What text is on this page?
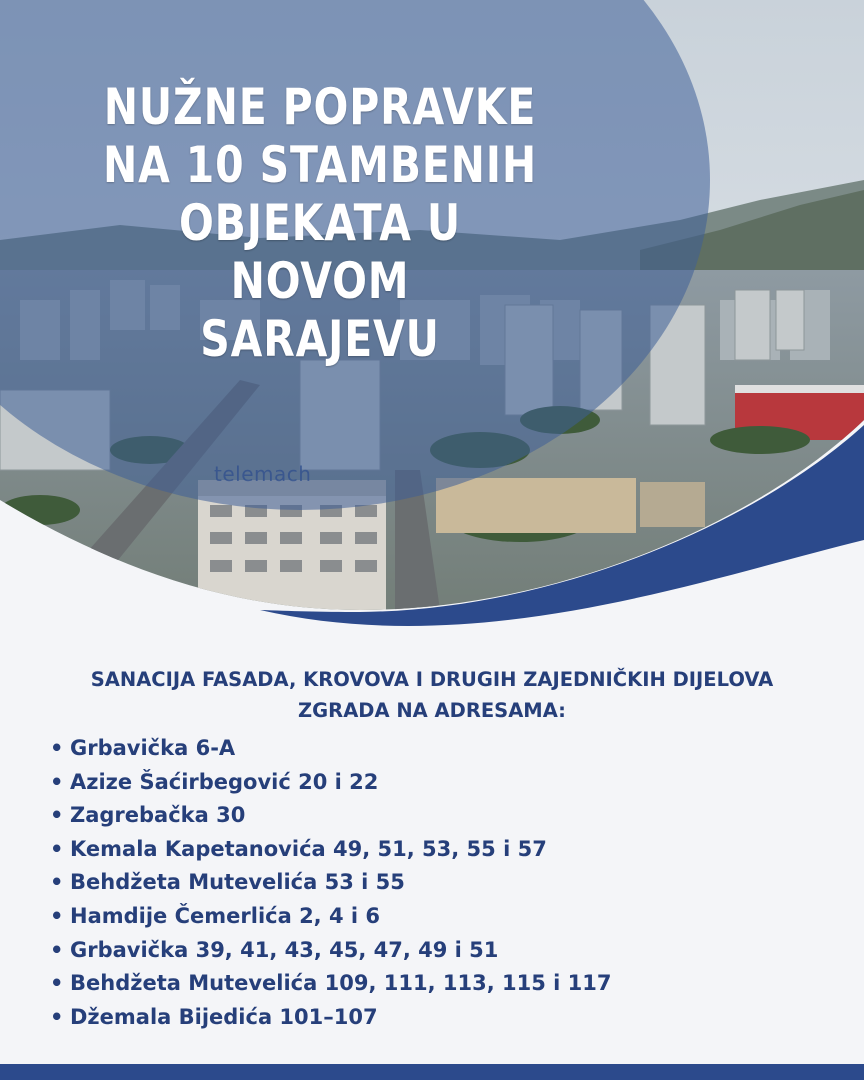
NUŽNE POPRAVKE
NA 10 STAMBENIH
OBJEKATA U NOVOM
SARAJEVU
telemach

SANACIJA FASADA, KROVOVA I DRUGIH ZAJEDNIČKIH DIJELOVA
ZGRADA NA ADRESAMA:

• Grbavička 6-A
• Azize Šaćirbegović 20 i 22
• Zagrebačka 30
• Kemala Kapetanovića 49, 51, 53, 55 i 57
• Behdžeta Mutevelića 53 i 55
• Hamdije Čemerlića 2, 4 i 6
• Grbavička 39, 41, 43, 45, 47, 49 i 51
• Behdžeta Mutevelića 109, 111, 113, 115 i 117
• Džemala Bijedića 101–107
